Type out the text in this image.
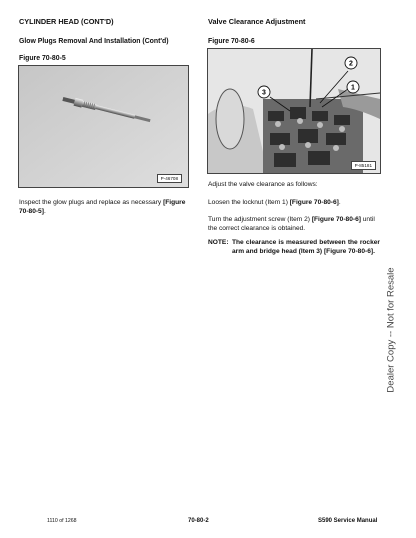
CYLINDER HEAD (CONT'D)
Glow Plugs Removal And Installation (Cont'd)
Figure 70-80-5
P-46708
Inspect the glow plugs and replace as necessary [Figure 70-80-5].
Valve Clearance Adjustment
Figure 70-80-6
1
2
3
P-85181
Adjust the valve clearance as follows:
Loosen the locknut (Item 1) [Figure 70-80-6].
Turn the adjustment screw (Item 2) [Figure 70-80-6] until the correct clearance is obtained.
NOTE: The clearance is measured between the rocker arm and bridge head (Item 3) [Figure 70-80-6].
Dealer Copy -- Not for Resale
1110 of 1268	70-80-2	S590 Service Manual
